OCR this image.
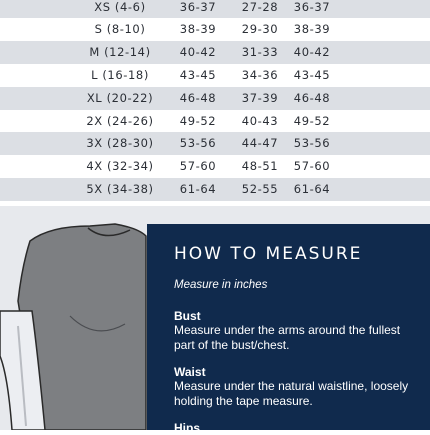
XS (4-6)	36-37	27-28	36-37
S (8-10)	38-39	29-30	38-39
M (12-14)	40-42	31-33	40-42
L (16-18)	43-45	34-36	43-45
XL (20-22)	46-48	37-39	46-48
2X (24-26)	49-52	40-43	49-52
3X (28-30)	53-56	44-47	53-56
4X (32-34)	57-60	48-51	57-60
5X (34-38)	61-64	52-55	61-64
HOW TO MEASURE
Measure in inches
Bust
Measure under the arms around the fullest part of the bust/chest.
Waist
Measure under the natural waistline, loosely holding the tape measure.
Hips
